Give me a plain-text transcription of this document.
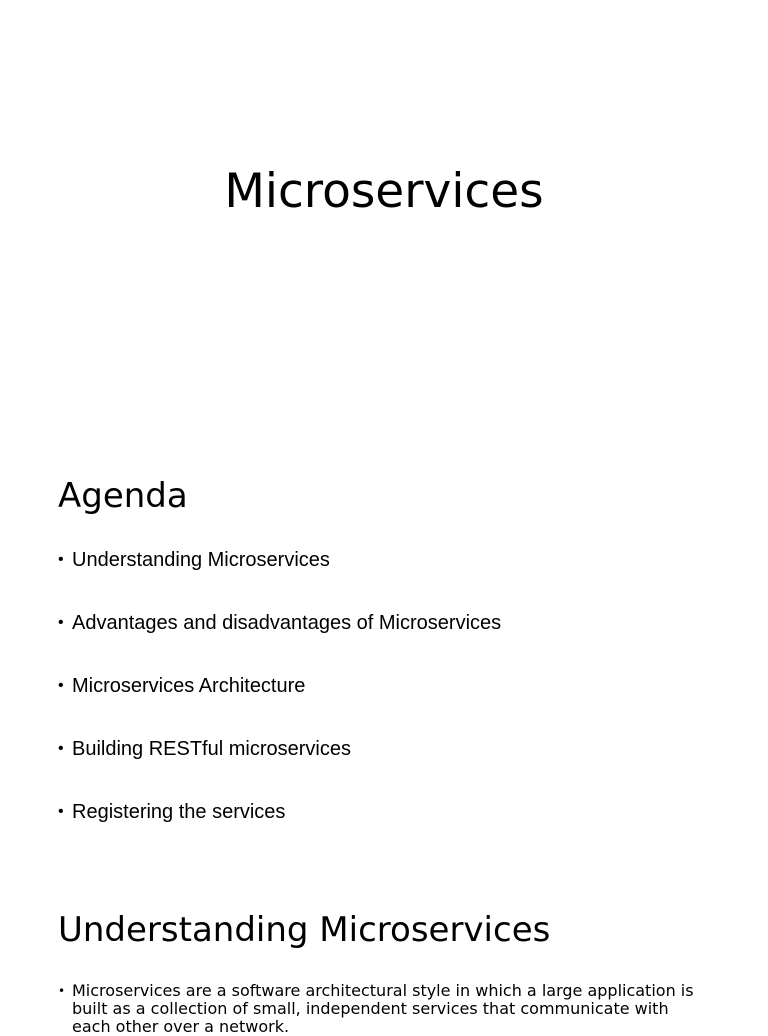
Microservices
Agenda
• Understanding Microservices
• Advantages and disadvantages of Microservices
• Microservices Architecture
• Building RESTful microservices
• Registering the services
Understanding Microservices
• Microservices are a software architectural style in which a large application is built as a collection of small, independent services that communicate with each other over a network.
